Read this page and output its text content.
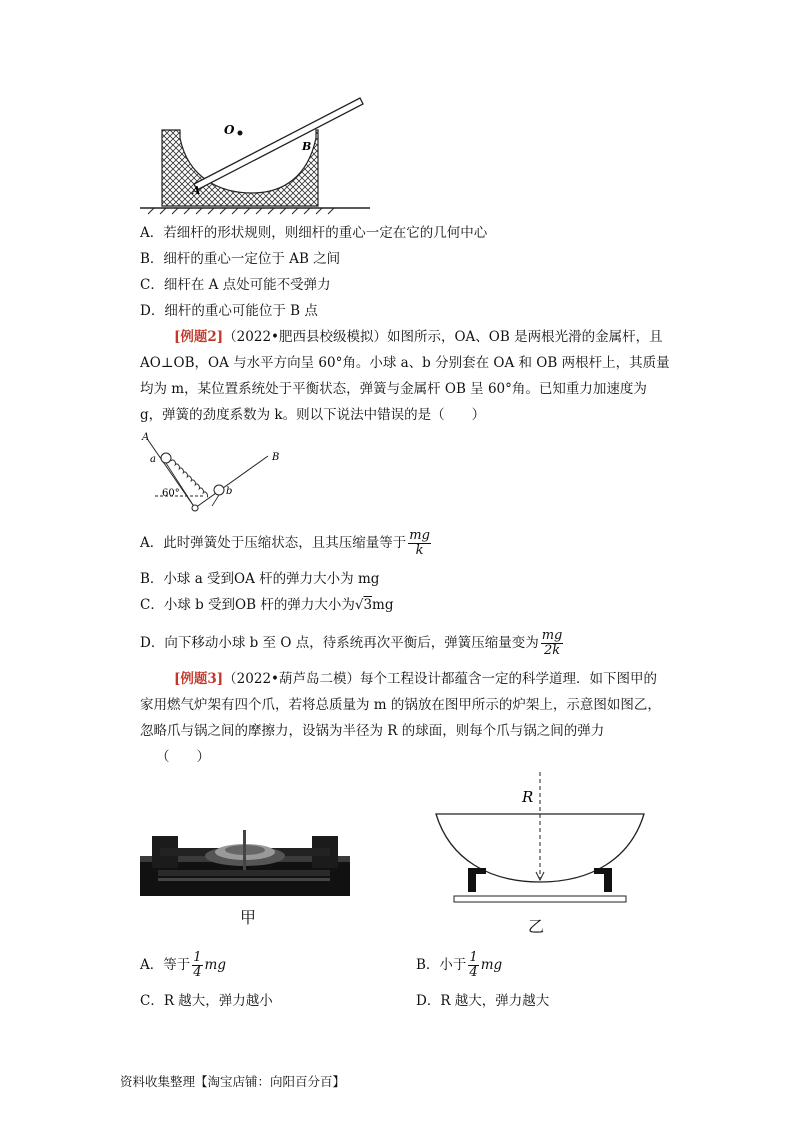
O
B
A
A．若细杆的形状规则，则细杆的重心一定在它的几何中心
B．细杆的重心一定位于 AB 之间
C．细杆在 A 点处可能不受弹力
D．细杆的重心可能位于 B 点
[例题2]（2022•肥西县校级模拟）如图所示，OA、OB 是两根光滑的金属杆，且
AO⊥OB，OA 与水平方向呈 60°角。小球 a、b 分别套在 OA 和 OB 两根杆上，其质量
均为 m，某位置系统处于平衡状态，弹簧与金属杆 OB 呈 60°角。已知重力加速度为
g，弹簧的劲度系数为 k。则以下说法中错误的是（　　）
A
B
a
b
60°
A．此时弹簧处于压缩状态，且其压缩量等于 $\frac{mg}{k}$
B．小球 a 受到OA 杆的弹力大小为 mg
C．小球 b 受到OB 杆的弹力大小为√3mg
D．向下移动小球 b 至 O 点，待系统再次平衡后，弹簧压缩量变为 $\frac{mg}{2k}$
[例题3]（2022•葫芦岛二模）每个工程设计都蕴含一定的科学道理．如下图甲的
家用燃气炉架有四个爪，若将总质量为 m 的锅放在图甲所示的炉架上，示意图如图乙，
忽略爪与锅之间的摩擦力，设锅为半径为 R 的球面，则每个爪与锅之间的弹力
（　　）
甲
R
乙
A．等于 $\frac{1}{4}$ mg	B．小于 $\frac{1}{4}$ mg
C．R 越大，弹力越小	D．R 越大，弹力越大
资料收集整理【淘宝店铺：向阳百分百】
